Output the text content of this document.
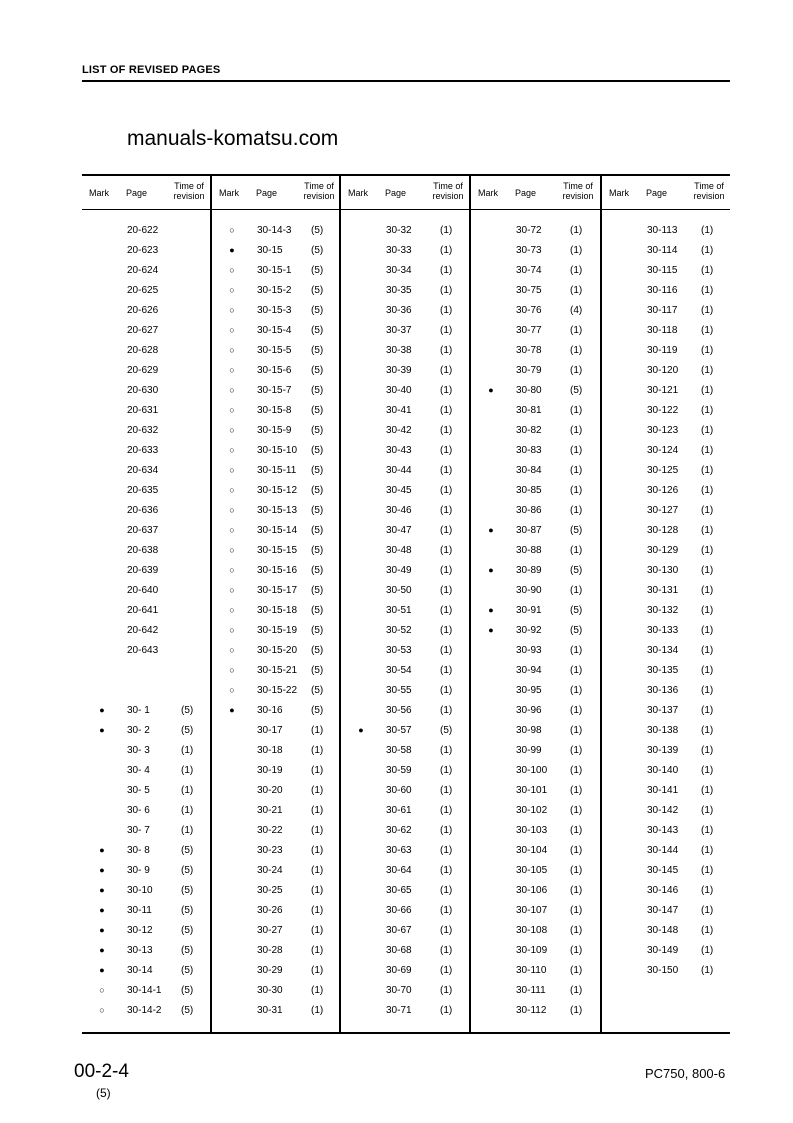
LIST OF REVISED PAGES
manuals-komatsu.com
Mark Page
Time of revision
20-622
20-623
20-624
20-625
20-626
20-627
20-628
20-629
20-630
20-631
20-632
20-633
20-634
20-635
20-636
20-637
20-638
20-639
20-640
20-641
20-642
20-643
●	30- 1	(5)
●	30- 2	(5)
30- 3	(1)
30- 4	(1)
30- 5	(1)
30- 6	(1)
30- 7	(1)
●	30- 8	(5)
●	30- 9	(5)
●	30-10	(5)
●	30-11	(5)
●	30-12	(5)
●	30-13	(5)
●	30-14	(5)
○	30-14-1 (5)
○	30-14-2 (5)
Mark Page
Time of revision
○	30-14-3 (5)
●	30-15	(5)
○	30-15-1 (5)
○	30-15-2 (5)
○	30-15-3 (5)
○	30-15-4 (5)
○	30-15-5 (5)
○	30-15-6 (5)
○	30-15-7 (5)
○	30-15-8 (5)
○	30-15-9 (5)
○	30-15-10 (5)
○	30-15-11 (5)
○	30-15-12 (5)
○	30-15-13 (5)
○	30-15-14 (5)
○	30-15-15 (5)
○	30-15-16 (5)
○	30-15-17 (5)
○	30-15-18 (5)
○	30-15-19 (5)
○	30-15-20 (5)
○	30-15-21 (5)
○	30-15-22 (5)
●	30-16	(5)
30-17	(1)
30-18	(1)
30-19	(1)
30-20	(1)
30-21	(1)
30-22	(1)
30-23	(1)
30-24	(1)
30-25	(1)
30-26	(1)
30-27	(1)
30-28	(1)
30-29	(1)
30-30	(1)
30-31	(1)
Mark Page
Time of revision
30-32	(1)
30-33	(1)
30-34	(1)
30-35	(1)
30-36	(1)
30-37	(1)
30-38	(1)
30-39	(1)
30-40	(1)
30-41	(1)
30-42	(1)
30-43	(1)
30-44	(1)
30-45	(1)
30-46	(1)
30-47	(1)
30-48	(1)
30-49	(1)
30-50	(1)
30-51	(1)
30-52	(1)
30-53	(1)
30-54	(1)
30-55	(1)
30-56	(1)
●	30-57	(5)
30-58	(1)
30-59	(1)
30-60	(1)
30-61	(1)
30-62	(1)
30-63	(1)
30-64	(1)
30-65	(1)
30-66	(1)
30-67	(1)
30-68	(1)
30-69	(1)
30-70	(1)
30-71	(1)
Mark Page
Time of revision
30-72	(1)
30-73	(1)
30-74	(1)
30-75	(1)
30-76	(4)
30-77	(1)
30-78	(1)
30-79	(1)
●	30-80	(5)
30-81	(1)
30-82	(1)
30-83	(1)
30-84	(1)
30-85	(1)
30-86	(1)
●	30-87	(5)
30-88	(1)
●	30-89	(5)
30-90	(1)
●	30-91	(5)
●	30-92	(5)
30-93	(1)
30-94	(1)
30-95	(1)
30-96	(1)
30-98	(1)
30-99	(1)
30-100 (1)
30-101 (1)
30-102 (1)
30-103 (1)
30-104 (1)
30-105 (1)
30-106 (1)
30-107 (1)
30-108 (1)
30-109 (1)
30-110 (1)
30-111 (1)
30-112 (1)
Mark Page
Time of revision
30-113 (1)
30-114 (1)
30-115 (1)
30-116 (1)
30-117 (1)
30-118 (1)
30-119 (1)
30-120 (1)
30-121 (1)
30-122 (1)
30-123 (1)
30-124 (1)
30-125 (1)
30-126 (1)
30-127 (1)
30-128 (1)
30-129 (1)
30-130 (1)
30-131 (1)
30-132 (1)
30-133 (1)
30-134 (1)
30-135 (1)
30-136 (1)
30-137 (1)
30-138 (1)
30-139 (1)
30-140 (1)
30-141 (1)
30-142 (1)
30-143 (1)
30-144 (1)
30-145 (1)
30-146 (1)
30-147 (1)
30-148 (1)
30-149 (1)
30-150 (1)
00-2-4
(5)
PC750, 800-6
